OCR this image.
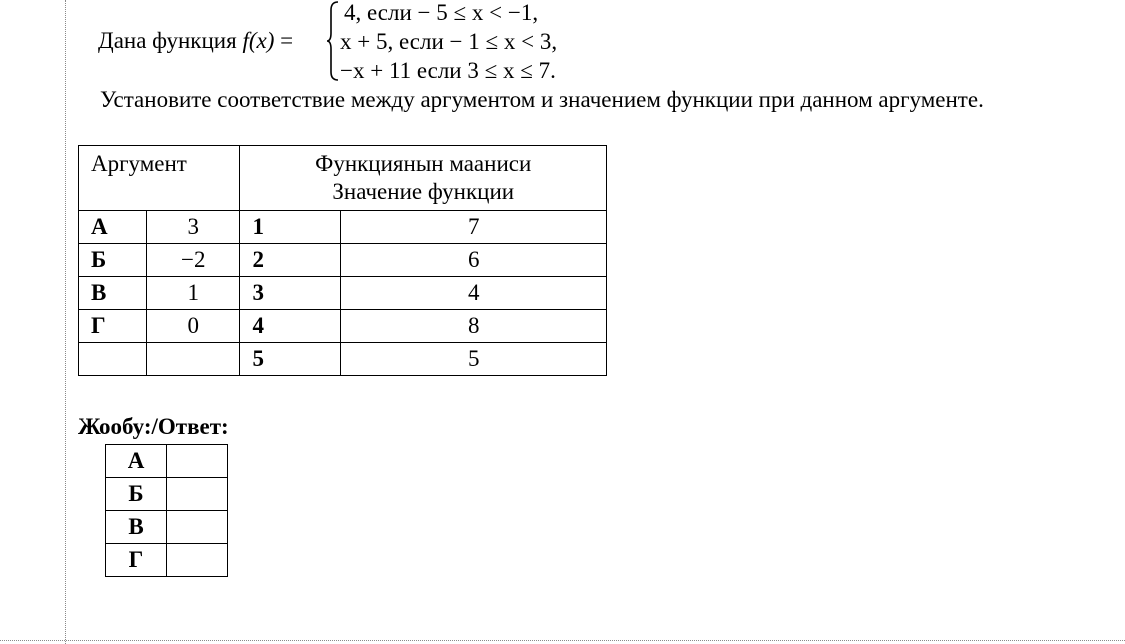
Дана функция f(x) =
4, если − 5 ≤ x < −1,
x + 5, если − 1 ≤ x < 3,
−x + 11 если 3 ≤ x ≤ 7.
Установите соответствие между аргументом и значением функции при данном аргументе.
Аргумент		Функциянын мааниси
Значение функции	
А	3	1	7
Б	−2	2	6
В	1	3	4
Г	0	4	8
		5	5
Жообу:/Ответ:
А	
Б	
В	
Г	
